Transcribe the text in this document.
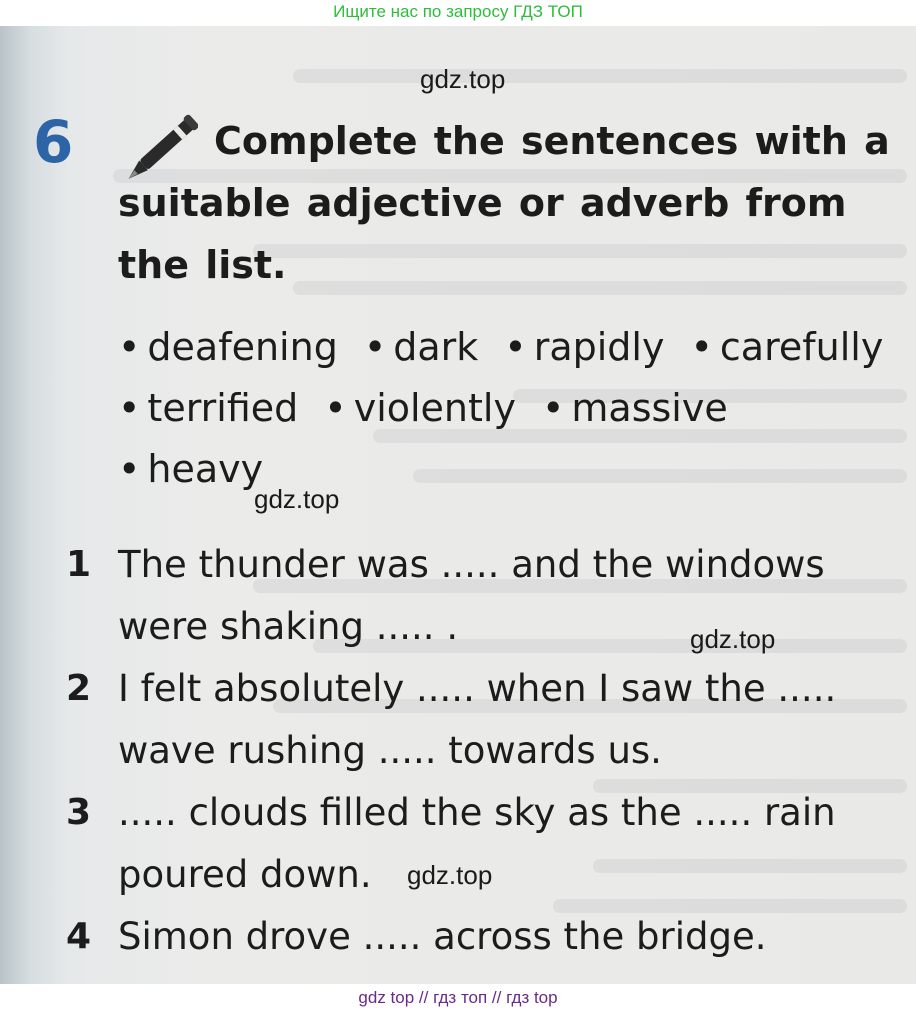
Ищите нас по запросу ГДЗ ТОП
6	Complete the sentences with a suitable adjective or adverb from the list.
• deafening • dark • rapidly • carefully
• terrified • violently • massive
• heavy
1 The thunder was ..... and the windows were shaking ..... .
2 I felt absolutely ..... when I saw the ..... wave rushing ..... towards us.
3 ..... clouds filled the sky as the ..... rain poured down.
4 Simon drove ..... across the bridge.
gdz.top
gdz.top
gdz.top
gdz.top
gdz top // гдз топ // гдз top
